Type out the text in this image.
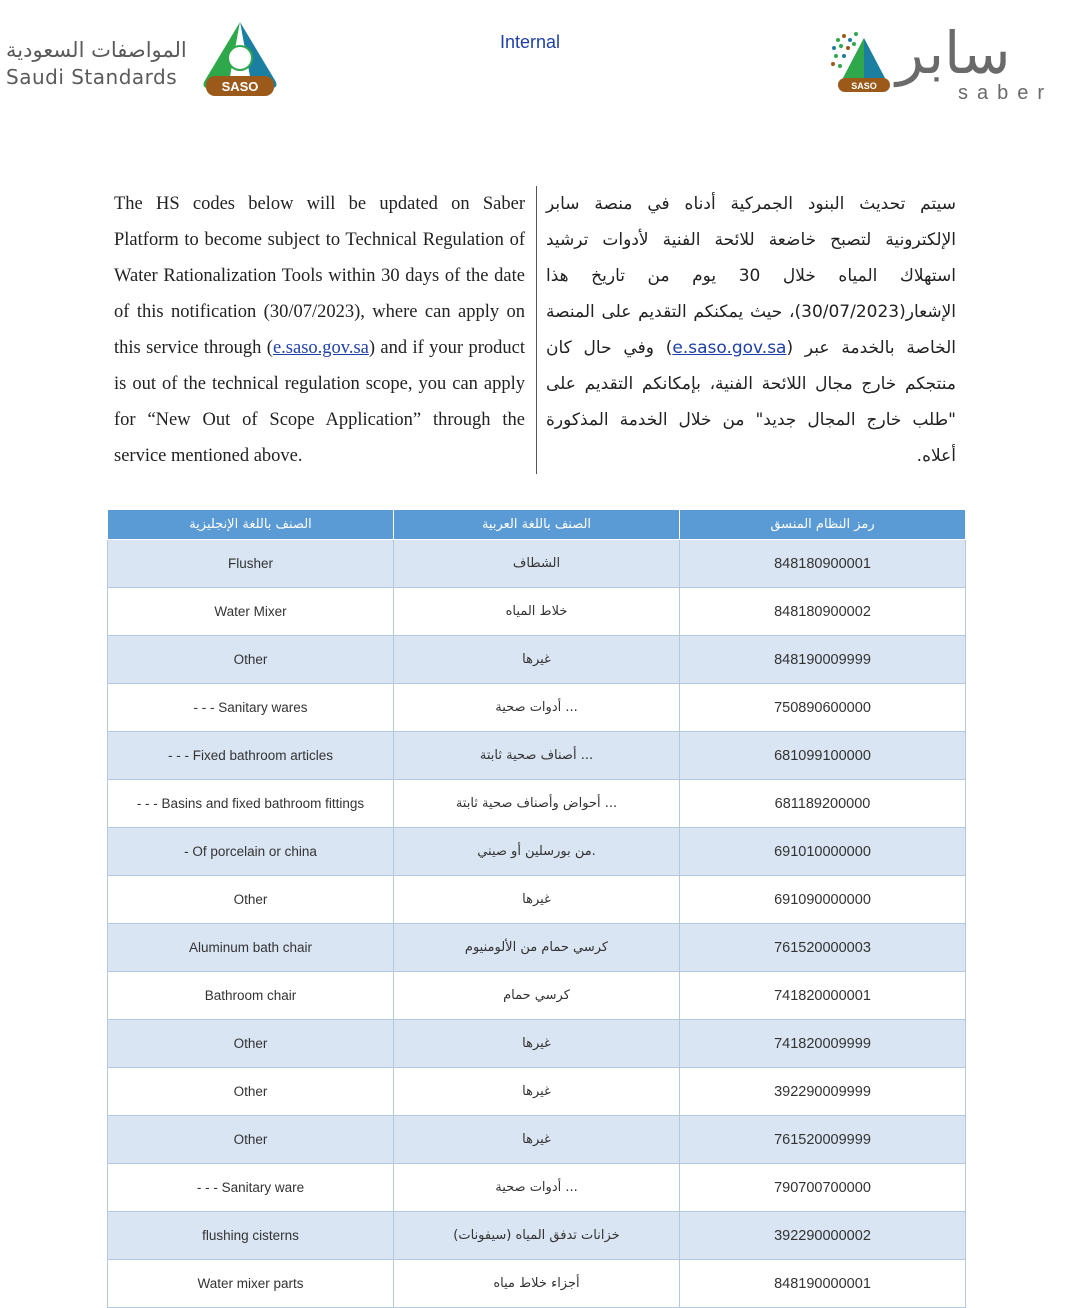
المواصفات السعودية
Saudi Standards	SASO
Internal
SASO سابر
saber
The HS codes below will be updated on Saber Platform to become subject to Technical Regulation of Water Rationalization Tools within 30 days of the date of this notification (30/07/2023), where can apply on this service through (e.saso.gov.sa) and if your product is out of the technical regulation scope, you can apply for “New Out of Scope Application” through the service mentioned above.
سيتم تحديث البنود الجمركية أدناه في منصة سابر الإلكترونية لتصبح خاضعة للائحة الفنية لأدوات ترشيد استهلاك المياه خلال 30 يوم من تاريخ هذا الإشعار(30/07/2023)، حيث يمكنكم التقديم على المنصة الخاصة بالخدمة عبر (e.saso.gov.sa) وفي حال كان منتجكم خارج مجال اللائحة الفنية، بإمكانكم التقديم على "طلب خارج المجال جديد" من خلال الخدمة المذكورة أعلاه.
الصنف باللغة الإنجليزية	الصنف باللغة العربية	رمز النظام المنسق
Flusher	الشطاف	848180900001
Water Mixer	خلاط المياه	848180900002
Other	غيرها	848190009999
- - - Sanitary wares	... أدوات صحية	750890600000
- - - Fixed bathroom articles	... أصناف صحية ثابتة	681099100000
- - - Basins and fixed bathroom fittings	... أحواض وأصناف صحية ثابتة	681189200000
- Of porcelain or china	.من بورسلين أو صيني	691010000000
Other	غيرها	691090000000
Aluminum bath chair	كرسي حمام من الألومنيوم	761520000003
Bathroom chair	كرسي حمام	741820000001
Other	غيرها	741820009999
Other	غيرها	392290009999
Other	غيرها	761520009999
- - - Sanitary ware	... أدوات صحية	790700700000
flushing cisterns	خزانات تدفق المياه (سيفونات)	392290000002
Water mixer parts	أجزاء خلاط مياه	848190000001
